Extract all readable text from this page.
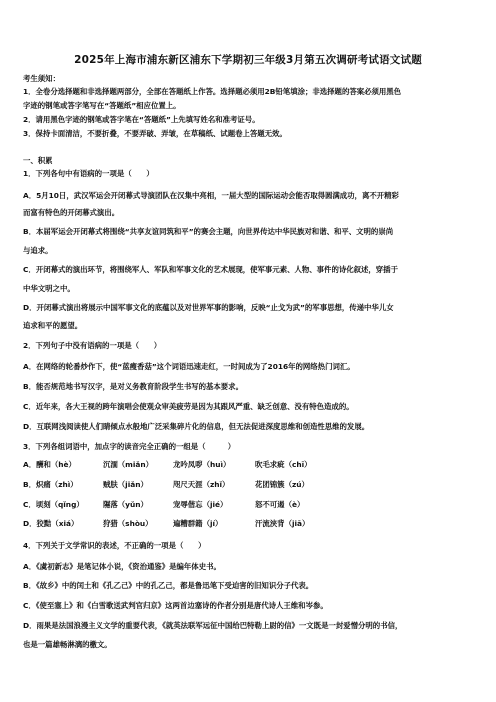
2025年上海市浦东新区浦东下学期初三年级3月第五次调研考试语文试题
考生须知：
1．全卷分选择题和非选择题两部分，全部在答题纸上作答。选择题必须用2B铅笔填涂；非选择题的答案必须用黑色
字迹的钢笔或答字笔写在“答题纸”相应位置上。
2．请用黑色字迹的钢笔或答字笔在“答题纸”上先填写姓名和准考证号。
3．保持卡面清洁，不要折叠，不要弄破、弄皱，在草稿纸、试题卷上答题无效。
一、积累
1．下列各句中有语病的一项是（　　）
A．5月10日，武汉军运会开闭幕式导演团队在汉集中亮相，一届大型的国际运动会能否取得圆满成功，离不开精彩
而富有特色的开闭幕式演出。
B．本届军运会开闭幕式将围绕“共享友谊同筑和平”的赛会主题，向世界传达中华民族对和谐、和平、文明的崇尚
与追求。
C．开闭幕式的演出环节，将围绕军人、军队和军事文化的艺术展现，使军事元素、人物、事件的诗化叙述，穿插于
中华文明之中。
D．开闭幕式演出将展示中国军事文化的底蕴以及对世界军事的影响，反映“止戈为武”的军事思想，传递中华儿女
追求和平的愿望。
2．下列句子中没有语病的一项是（　　）
A．在网络的轮番炒作下，使“蓝瘦香菇”这个词语迅速走红，一时间成为了2016年的网络热门词汇。
B．能否规范地书写汉字，是对义务教育阶段学生书写的基本要求。
C．近年来，各大王视的跨年演唱会使观众审美疲劳是因为其跟风严重、缺乏创意、没有特色造成的。
D．互联网浅阅读使人们睛倾点水般地广泛采集碎片化的信息，但无法促进深度思维和创造性思维的发展。
3．下列各组词语中，加点字的读音完全正确的一组是（　　　）
A．酬和（hè）	沉湎（miǎn）	龙吟凤哕（huì）	吹毛求疵（chī）
B．炽痛（zhì）	贼肤（jiǎn）	咫尺天涯（zhǐ）	花团锦簇（zú）
C．顷刻（qǐng）	隰落（yǔn）	宠辱偕忘（jié）	怒不可遏（è）
D．狡黠（xiá）	狩猎（shòu）	遍糟群籍（jí）	汗流浃背（jiā）
4．下列关于文学常识的表述，不正确的一项是（　　）
A．《虞初新志》是笔记体小说，《资治通鉴》是编年体史书。
B．《故乡》中的闰土和《孔乙己》中的孔乙己，都是鲁迅笔下受迫害的旧知识分子代表。
C．《使至塞上》和《白雪歌送武判官归京》这两首边塞诗的作者分别是唐代诗人王维和岑参。
D．雨果是法国浪漫主义文学的重要代表，《就英法联军远征中国给巴特勒上尉的信》一文既是一封爱憎分明的书信，
也是一篇雄畅淋漓的檄文。
